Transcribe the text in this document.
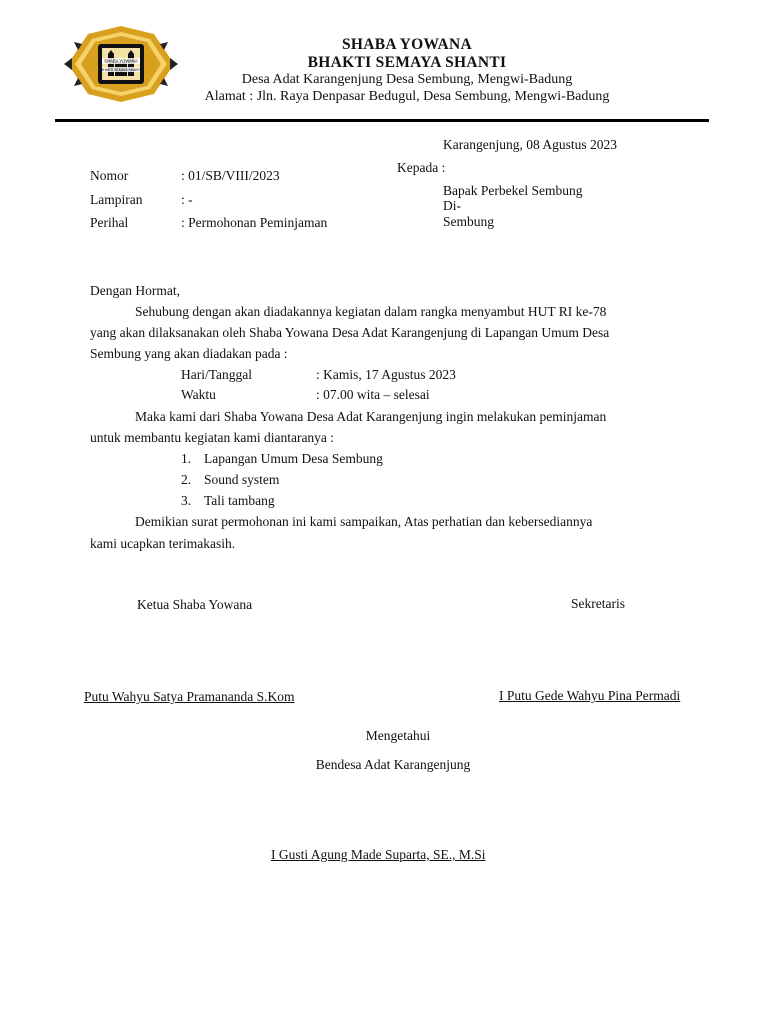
SHABA YOWANA
BHAKTI SEMAYA SHANTI
SHABA YOWANA
BHAKTI SEMAYA SHANTI
Desa Adat Karangenjung Desa Sembung, Mengwi-Badung
Alamat : Jln. Raya Denpasar Bedugul, Desa Sembung, Mengwi-Badung
Karangenjung, 08 Agustus 2023
Kepada :
Nomor	: 01/SB/VIII/2023
Lampiran	: -
Perihal	: Permohonan Peminjaman
Bapak Perbekel Sembung
Di-
Sembung
Dengan Hormat,
Sehubung dengan akan diadakannya kegiatan dalam rangka menyambut HUT RI ke-78
yang akan dilaksanakan oleh Shaba Yowana Desa Adat Karangenjung di Lapangan Umum Desa
Sembung yang akan diadakan pada :
Hari/Tanggal	: Kamis, 17 Agustus 2023
Waktu	: 07.00 wita – selesai
Maka kami dari Shaba Yowana Desa Adat Karangenjung ingin melakukan peminjaman
untuk membantu kegiatan kami diantaranya :
1. Lapangan Umum Desa Sembung
2. Sound system
3. Tali tambang
Demikian surat permohonan ini kami sampaikan, Atas perhatian dan kebersediannya
kami ucapkan terimakasih.
Ketua Shaba Yowana	Sekretaris
Putu Wahyu Satya Pramananda S.Kom	I Putu Gede Wahyu Pina Permadi
Mengetahui
Bendesa Adat Karangenjung
I Gusti Agung Made Suparta, SE., M.Si
